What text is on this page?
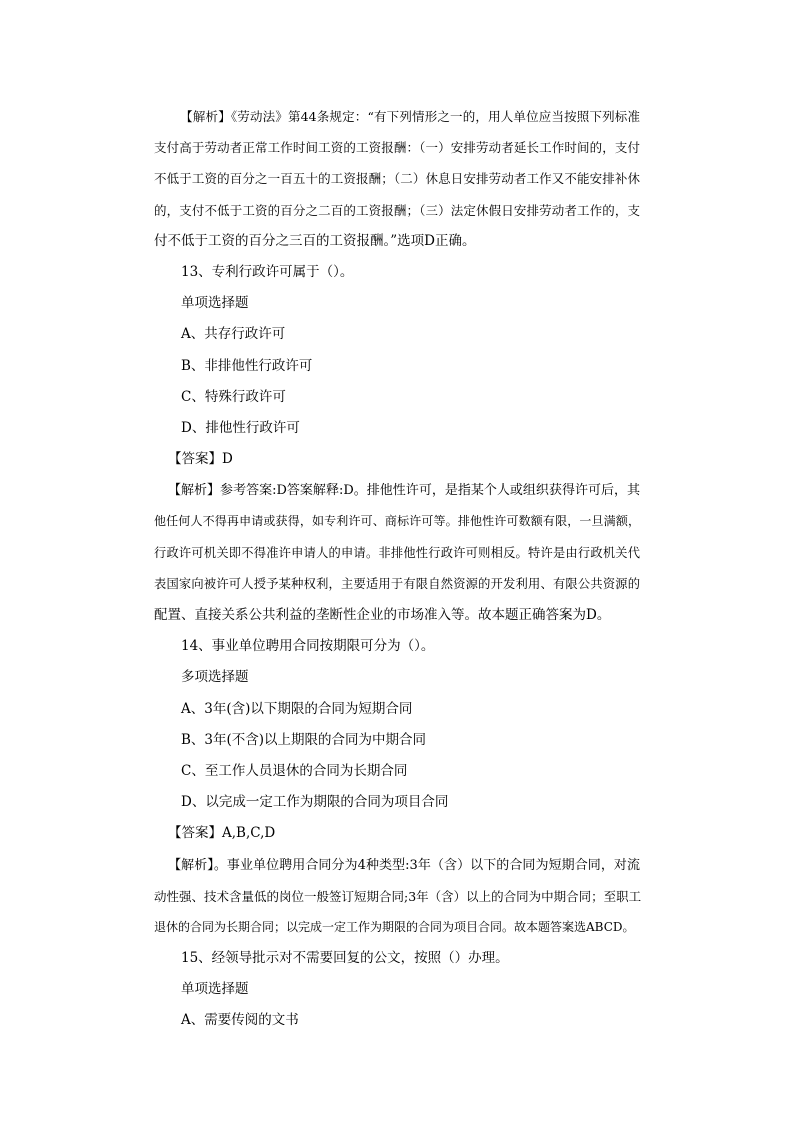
【解析】《劳动法》第44条规定：“有下列情形之一的，用人单位应当按照下列标准
支付高于劳动者正常工作时间工资的工资报酬：（一）安排劳动者延长工作时间的，支付
不低于工资的百分之一百五十的工资报酬；（二）休息日安排劳动者工作又不能安排补休
的，支付不低于工资的百分之二百的工资报酬；（三）法定休假日安排劳动者工作的，支
付不低于工资的百分之三百的工资报酬。”选项D正确。
13、专利行政许可属于（）。
单项选择题
A、共存行政许可
B、非排他性行政许可
C、特殊行政许可
D、排他性行政许可
【答案】D
【解析】参考答案:D答案解释:D。排他性许可，是指某个人或组织获得许可后，其
他任何人不得再申请或获得，如专利许可、商标许可等。排他性许可数额有限，一旦满额，
行政许可机关即不得准许申请人的申请。非排他性行政许可则相反。特许是由行政机关代
表国家向被许可人授予某种权利，主要适用于有限自然资源的开发利用、有限公共资源的
配置、直接关系公共利益的垄断性企业的市场准入等。故本题正确答案为D。
14、事业单位聘用合同按期限可分为（）。
多项选择题
A、3年(含)以下期限的合同为短期合同
B、3年(不含)以上期限的合同为中期合同
C、至工作人员退休的合同为长期合同
D、以完成一定工作为期限的合同为项目合同
【答案】A,B,C,D
【解析】。事业单位聘用合同分为4种类型:3年（含）以下的合同为短期合同，对流
动性强、技术含量低的岗位一般签订短期合同;3年（含）以上的合同为中期合同；至职工
退休的合同为长期合同；以完成一定工作为期限的合同为项目合同。故本题答案选ABCD。
15、经领导批示对不需要回复的公文，按照（）办理。
单项选择题
A、需要传阅的文书
